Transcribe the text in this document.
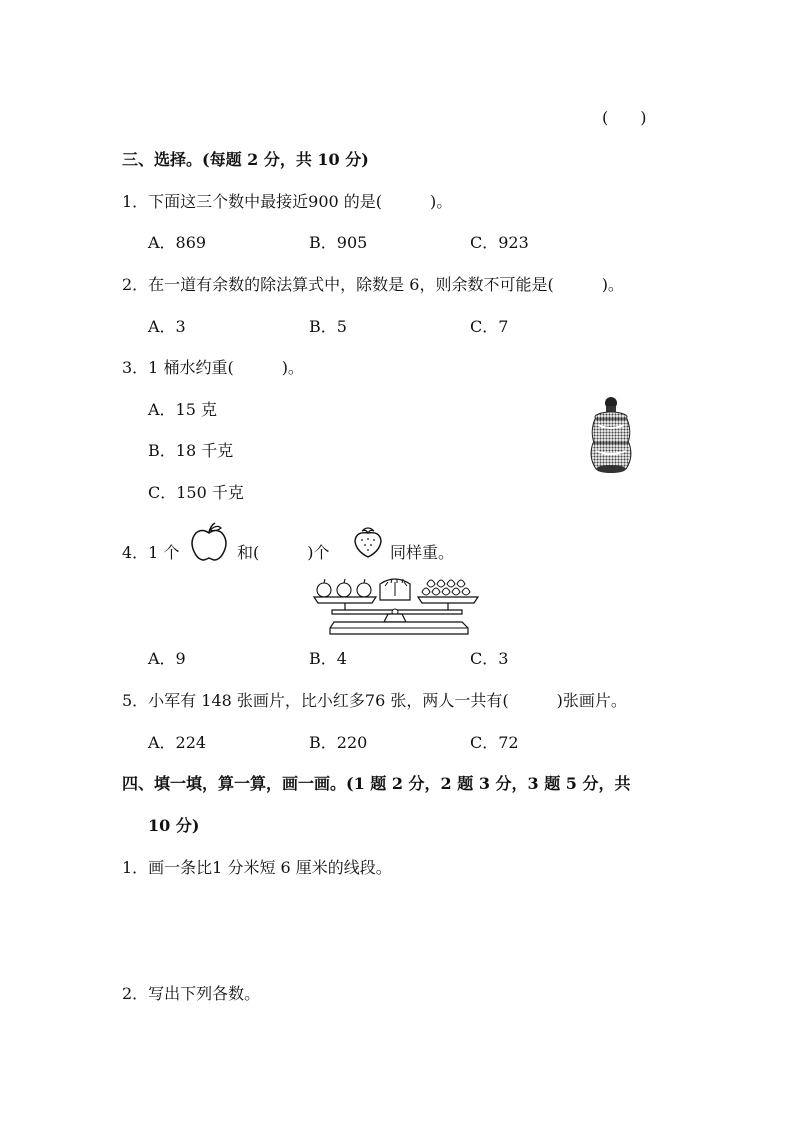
(　　)
三、选择。(每题 2 分，共 10 分)
1．下面这三个数中最接近900 的是(　　　)。
A．869	B．905	C．923
2．在一道有余数的除法算式中，除数是 6，则余数不可能是(　　　)。
A．3	B．5	C．7
3．1 桶水约重(　　　)。
A．15 克
B．18 千克
C．150 千克
4．1 个	和(　　　)个	同样重。
A．9	B．4	C．3
5．小军有 148 张画片，比小红多76 张，两人一共有(　　　)张画片。
A．224	B．220	C．72
四、填一填，算一算，画一画。(1 题 2 分，2 题 3 分，3 题 5 分，共
10 分)
1．画一条比1 分米短 6 厘米的线段。
2．写出下列各数。
